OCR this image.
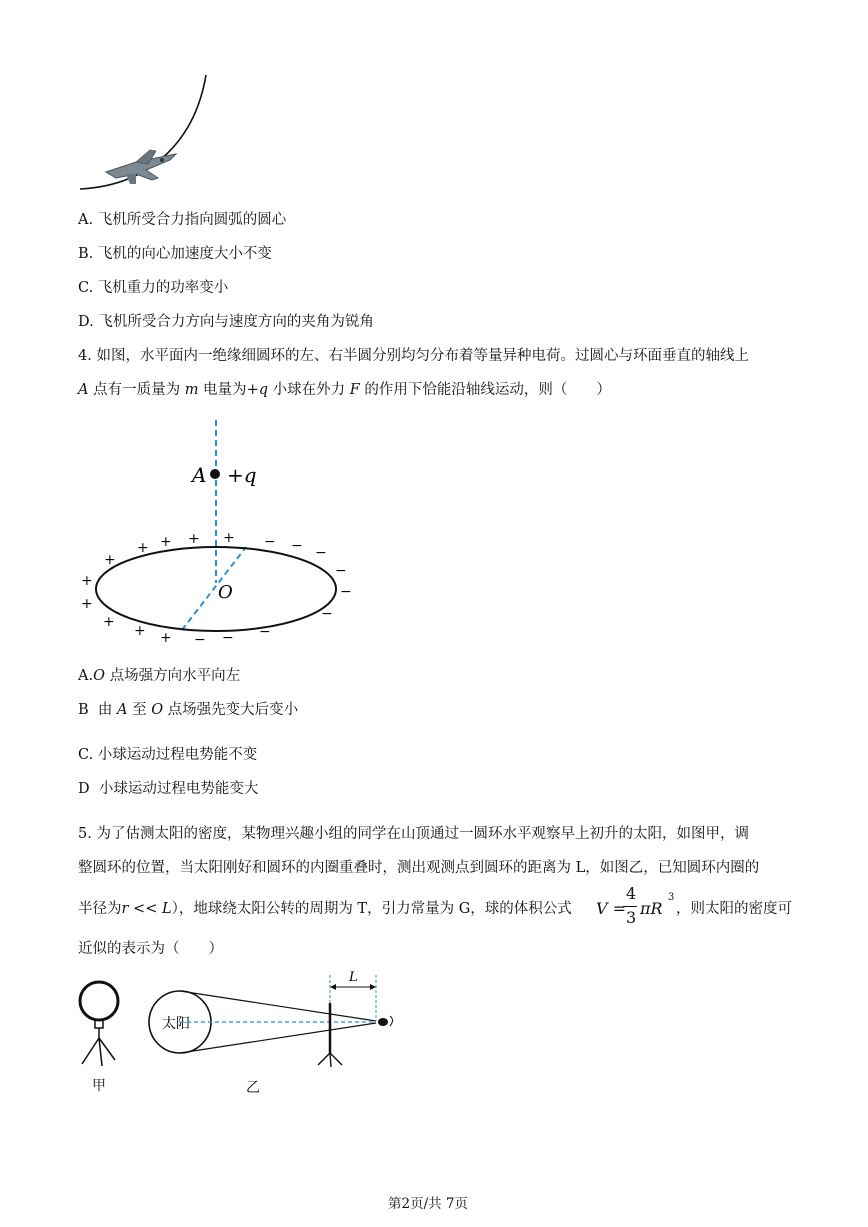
A. 飞机所受合力指向圆弧的圆心
B. 飞机的向心加速度大小不变
C. 飞机重力的功率变小
D. 飞机所受合力方向与速度方向的夹角为锐角
4. 如图，水平面内一绝缘细圆环的左、右半圆分别均匀分布着等量异种电荷。过圆心与环面垂直的轴线上
A 点有一质量为 m 电量为+q 小球在外力 F 的作用下恰能沿轴线运动，则（　　）
A +q
O
+
+ + + +
+
+
+
+ +
− − −
−
−
−
−
−
−
A.O 点场强方向水平向左
B 由 A 至 O 点场强先变大后变小
C. 小球运动过程电势能不变
D 小球运动过程电势能变大
5. 为了估测太阳的密度，某物理兴趣小组的同学在山顶通过一圆环水平观察早上初升的太阳，如图甲，调
整圆环的位置，当太阳刚好和圆环的内圈重叠时，测出观测点到圆环的距离为 L，如图乙，已知圆环内圈的
半径为r << L），地球绕太阳公转的周期为 T，引力常量为 G，球的体积公式 V =
4
3 πR
3
，则太阳的密度可
近似的表示为（　　）
甲
太阳
L
乙
第2页/共 7页
